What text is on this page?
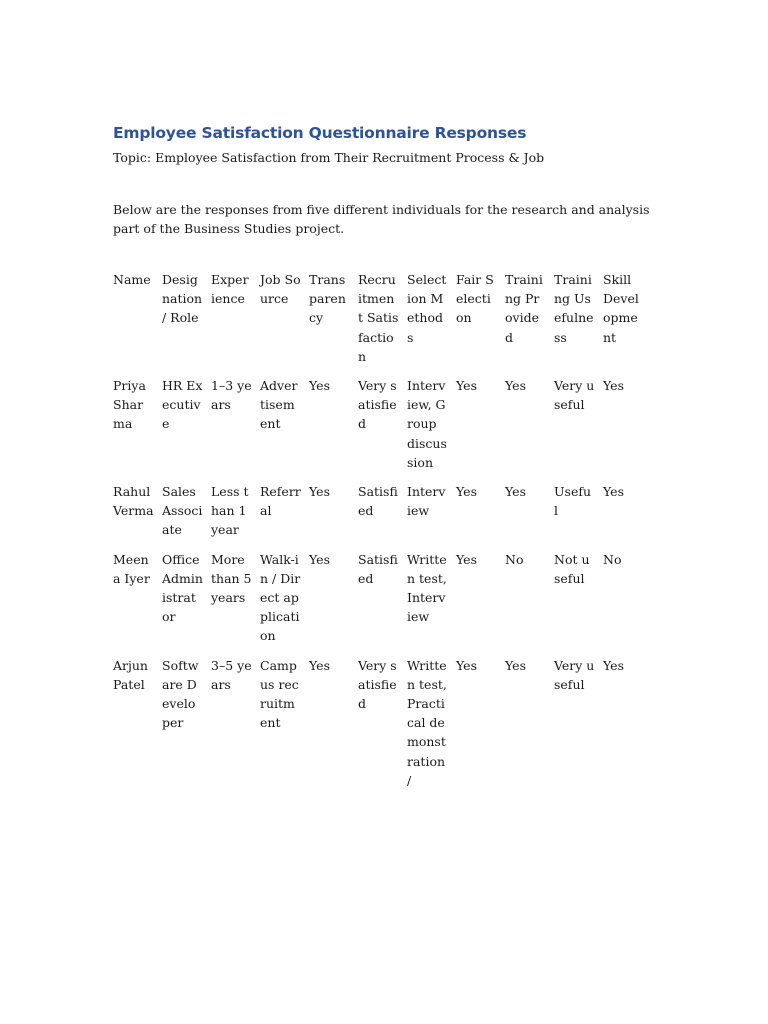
Employee Satisfaction Questionnaire Responses
Topic: Employee Satisfaction from Their Recruitment Process & Job
Below are the responses from five different individuals for the research and analysis part of the Business Studies project.
Name	Designation / Role	Experience	Job Source	Transparency	Recruitment Satisfaction	Selection Methods	Fair Selection	Training Provided	Training Usefulness	Skill Development
Priya Sharma	HR Executive	1–3 years	Advertisement	Yes	Very satisfied	Interview, Group discussion	Yes	Yes	Very useful	Yes
Rahul Verma	Sales Associate	Less than 1 year	Referral	Yes	Satisfied	Interview	Yes	Yes	Useful	Yes
Meena Iyer	Office Administrator	More than 5 years	Walk-in / Direct application	Yes	Satisfied	Written test, Interview	Yes	No	Not useful	No
Arjun Patel	Software Developer	3–5 years	Campus recruitment	Yes	Very satisfied	Written test, Practical demonstration /	Yes	Yes	Very useful	Yes
